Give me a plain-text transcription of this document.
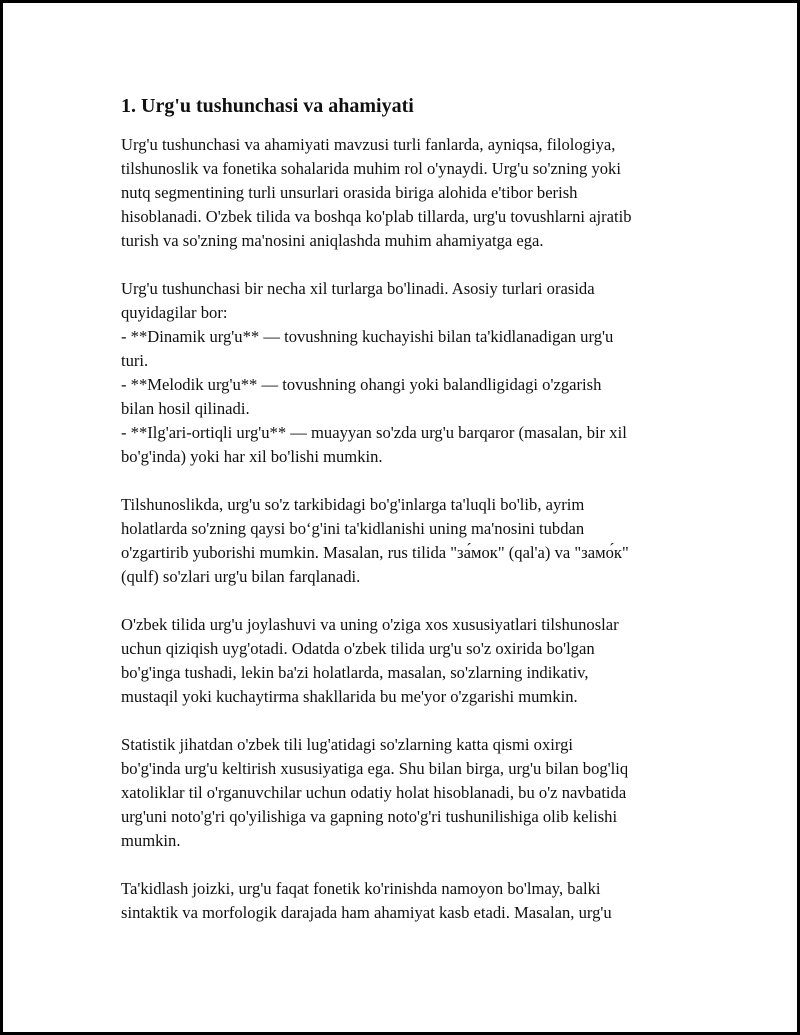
1. Urg'u tushunchasi va ahamiyati
Urg'u tushunchasi va ahamiyati mavzusi turli fanlarda, ayniqsa, filologiya,
tilshunoslik va fonetika sohalarida muhim rol o'ynaydi. Urg'u so'zning yoki
nutq segmentining turli unsurlari orasida biriga alohida e'tibor berish
hisoblanadi. O'zbek tilida va boshqa ko'plab tillarda, urg'u tovushlarni ajratib
turish va so'zning ma'nosini aniqlashda muhim ahamiyatga ega.
Urg'u tushunchasi bir necha xil turlarga bo'linadi. Asosiy turlari orasida
quyidagilar bor:
- **Dinamik urg'u** — tovushning kuchayishi bilan ta'kidlanadigan urg'u
turi.
- **Melodik urg'u** — tovushning ohangi yoki balandligidagi o'zgarish
bilan hosil qilinadi.
- **Ilg'ari-ortiqli urg'u** — muayyan so'zda urg'u barqaror (masalan, bir xil
bo'g'inda) yoki har xil bo'lishi mumkin.
Tilshunoslikda, urg'u so'z tarkibidagi bo'g'inlarga ta'luqli bo'lib, ayrim
holatlarda so'zning qaysi bo‘g'ini ta'kidlanishi uning ma'nosini tubdan
o'zgartirib yuborishi mumkin. Masalan, rus tilida "за́мок" (qal'a) va "замо́к"
(qulf) so'zlari urg'u bilan farqlanadi.
O'zbek tilida urg'u joylashuvi va uning o'ziga xos xususiyatlari tilshunoslar
uchun qiziqish uyg'otadi. Odatda o'zbek tilida urg'u so'z oxirida bo'lgan
bo'g'inga tushadi, lekin ba'zi holatlarda, masalan, so'zlarning indikativ,
mustaqil yoki kuchaytirma shakllarida bu me'yor o'zgarishi mumkin.
Statistik jihatdan o'zbek tili lug'atidagi so'zlarning katta qismi oxirgi
bo'g'inda urg'u keltirish xususiyatiga ega. Shu bilan birga, urg'u bilan bog'liq
xatoliklar til o'rganuvchilar uchun odatiy holat hisoblanadi, bu o'z navbatida
urg'uni noto'g'ri qo'yilishiga va gapning noto'g'ri tushunilishiga olib kelishi
mumkin.
Ta'kidlash joizki, urg'u faqat fonetik ko'rinishda namoyon bo'lmay, balki
sintaktik va morfologik darajada ham ahamiyat kasb etadi. Masalan, urg'u
